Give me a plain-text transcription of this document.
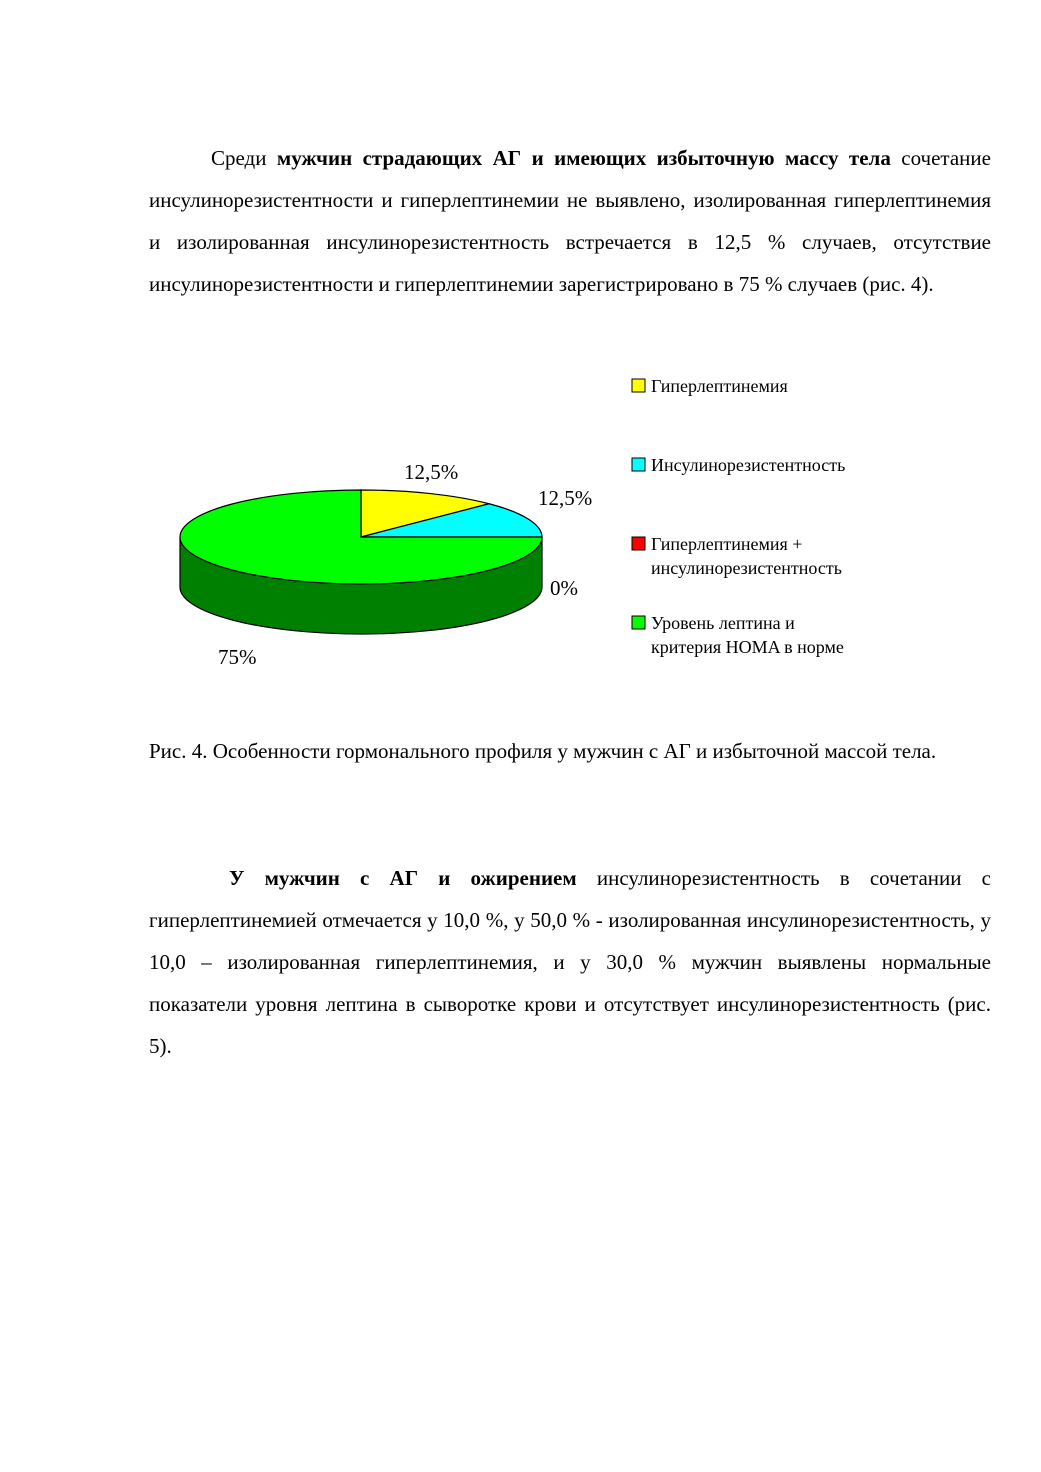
Среди мужчин страдающих АГ и имеющих избыточную массу тела сочетание инсулинорезистентности и гиперлептинемии не выявлено, изолированная гиперлептинемия и изолированная инсулинорезистентность встречается в 12,5 % случаев, отсутствие инсулинорезистентности и гиперлептинемии зарегистрировано в 75 % случаев (рис. 4).

12,5%
12,5%
0%
75%
Гиперлептинемия
Инсулинорезистентность
Гиперлептинемия +
инсулинорезистентность
Уровень лептина и
критерия HOMA в норме

Рис. 4. Особенности гормонального профиля у мужчин с АГ и избыточной массой тела.

У мужчин с АГ и ожирением инсулинорезистентность в сочетании с гиперлептинемией отмечается у 10,0 %, у 50,0 % - изолированная инсулинорезистентность, у 10,0 – изолированная гиперлептинемия, и у 30,0 % мужчин выявлены нормальные показатели уровня лептина в сыворотке крови и отсутствует инсулинорезистентность (рис. 5).
